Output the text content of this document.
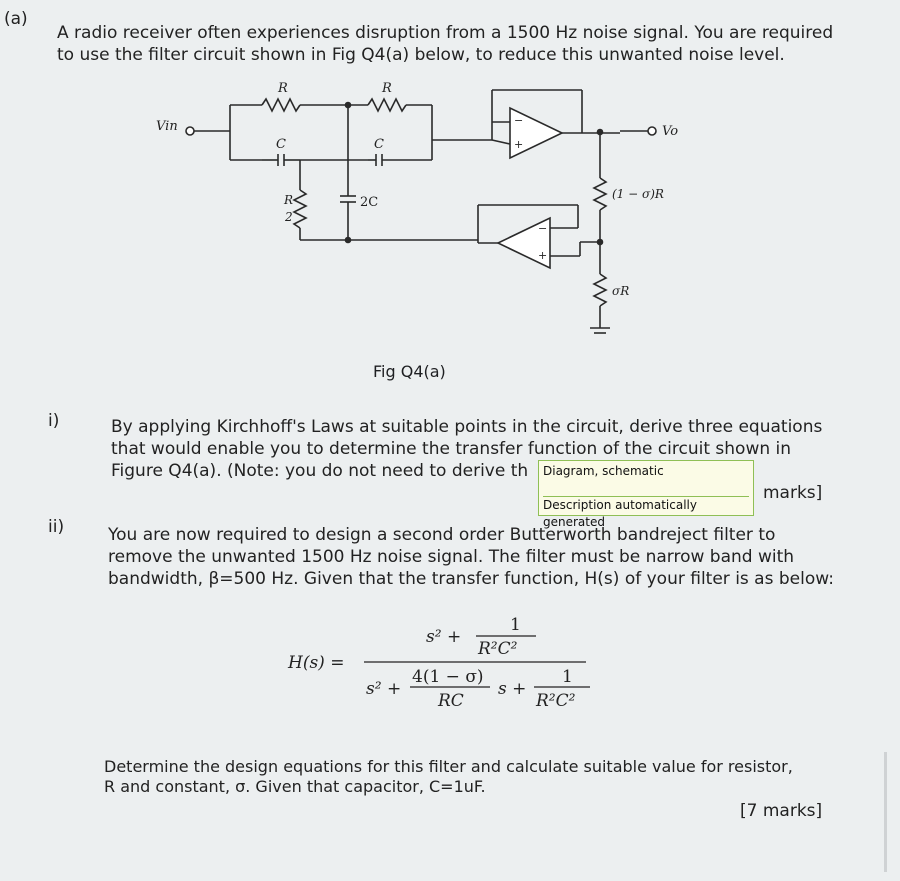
(a)
A radio receiver often experiences disruption from a 1500 Hz noise signal. You are required
to use the filter circuit shown in Fig Q4(a) below, to reduce this unwanted noise level.
R	R
Vin	Vo
C	C
R
2
2C
(1 − σ)R
σR
−
+
−
+
Fig Q4(a)
i)	By applying Kirchhoff's Laws at suitable points in the circuit, derive three equations
that would enable you to determine the transfer function of the circuit shown in
Figure Q4(a). (Note: you do not need to derive th
marks]
Diagram, schematic
Description automatically generated
ii)	You are now required to design a second order Butterworth bandreject filter to
remove the unwanted 1500 Hz noise signal. The filter must be narrow band with
bandwidth, β=500 Hz. Given that the transfer function, H(s) of your filter is as below:
H(s) =
s² +
1
R²C²
s² +
4(1 − σ)
RC
s +
1
R²C²
Determine the design equations for this filter and calculate suitable value for resistor,
R and constant, σ. Given that capacitor, C=1uF.
[7 marks]
